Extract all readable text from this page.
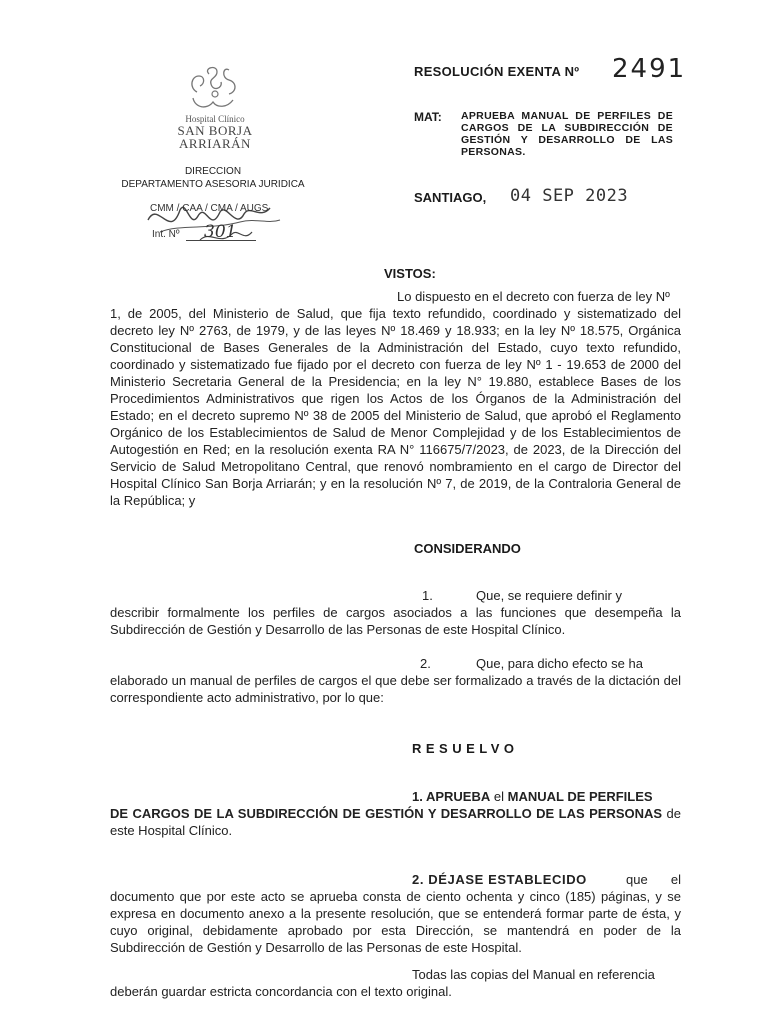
Hospital Clínico
SAN BORJA
ARRIARÁN
DIRECCION
DEPARTAMENTO ASESORIA JURIDICA
CMM / CAA / CMA / AUGS
Int. Nº 301
RESOLUCIÓN EXENTA Nº 2491
MAT: APRUEBA MANUAL DE PERFILES DE CARGOS DE LA SUBDIRECCIÓN DE GESTIÓN Y DESARROLLO DE LAS PERSONAS.
SANTIAGO, 04 SEP 2023
VISTOS:
Lo dispuesto en el decreto con fuerza de ley Nº
1, de 2005, del Ministerio de Salud, que fija texto refundido, coordinado y sistematizado del decreto ley Nº 2763, de 1979, y de las leyes Nº 18.469 y 18.933; en la ley Nº 18.575, Orgánica Constitucional de Bases Generales de la Administración del Estado, cuyo texto refundido, coordinado y sistematizado fue fijado por el decreto con fuerza de ley Nº 1 - 19.653 de 2000 del Ministerio Secretaria General de la Presidencia; en la ley N° 19.880, establece Bases de los Procedimientos Administrativos que rigen los Actos de los Órganos de la Administración del Estado; en el decreto supremo Nº 38 de 2005 del Ministerio de Salud, que aprobó el Reglamento Orgánico de los Establecimientos de Salud de Menor Complejidad y de los Establecimientos de Autogestión en Red; en la resolución exenta RA N° 116675/7/2023, de 2023, de la Dirección del Servicio de Salud Metropolitano Central, que renovó nombramiento en el cargo de Director del Hospital Clínico San Borja Arriarán; y en la resolución Nº 7, de 2019, de la Contraloria General de la República; y
CONSIDERANDO
1.	Que, se requiere definir y
describir formalmente los perfiles de cargos asociados a las funciones que desempeña la Subdirección de Gestión y Desarrollo de las Personas de este Hospital Clínico.
2.	Que, para dicho efecto se ha
elaborado un manual de perfiles de cargos el que debe ser formalizado a través de la dictación del correspondiente acto administrativo, por lo que:
RESUELVO
1. APRUEBA el MANUAL DE PERFILES
DE CARGOS DE LA SUBDIRECCIÓN DE GESTIÓN Y DESARROLLO DE LAS PERSONAS de este Hospital Clínico.
2. DÉJASE ESTABLECIDO	que el
documento que por este acto se aprueba consta de ciento ochenta y cinco (185) páginas, y se expresa en documento anexo a la presente resolución, que se entenderá formar parte de ésta, y cuyo original, debidamente aprobado por esta Dirección, se mantendrá en poder de la Subdirección de Gestión y Desarrollo de las Personas de este Hospital.
Todas las copias del Manual en referencia
deberán guardar estricta concordancia con el texto original.
